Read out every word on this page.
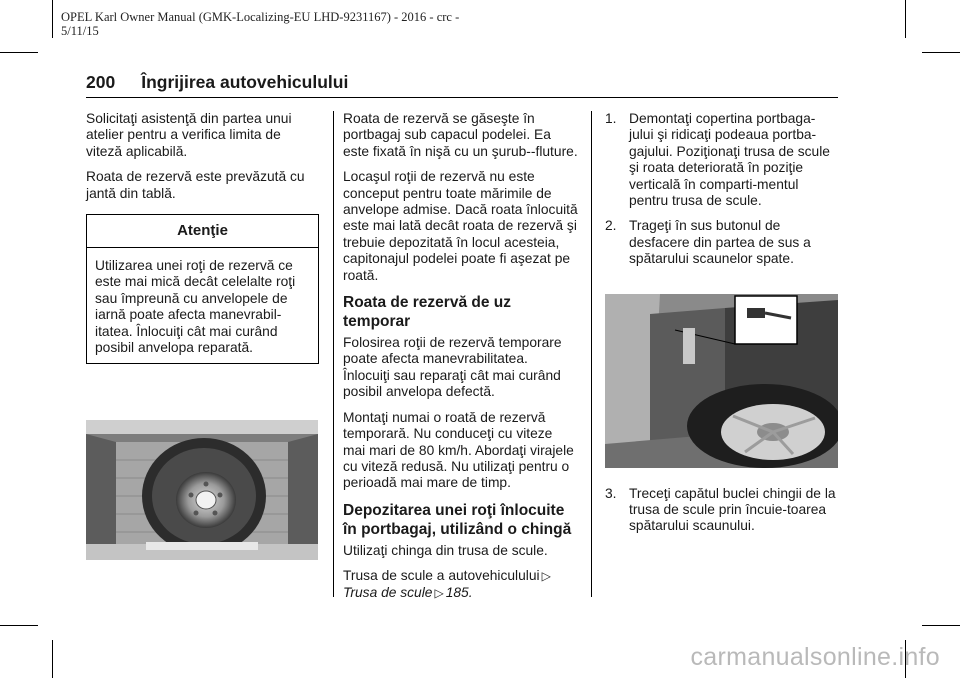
OPEL Karl Owner Manual (GMK-Localizing-EU LHD-9231167) - 2016 - crc -
5/11/15
200 Îngrijirea autovehiculului

Solicitaţi asistenţă din partea unui atelier pentru a verifica limita de viteză aplicabilă.

Roata de rezervă este prevăzută cu jantă din tablă.

Atenţie
Utilizarea unei roţi de rezervă ce este mai mică decât celelalte roţi sau împreună cu anvelopele de iarnă poate afecta manevrabil-itatea. Înlocuiţi cât mai curând posibil anvelopa reparată.

Roata de rezervă se găseşte în portbagaj sub capacul podelei. Ea este fixată în nişă cu un şurub--fluture.

Locaşul roţii de rezervă nu este conceput pentru toate mărimile de anvelope admise. Dacă roata înlocuită este mai lată decât roata de rezervă şi trebuie depozitată în locul acesteia, capitonajul podelei poate fi aşezat pe roată.

Roata de rezervă de uz temporar

Folosirea roţii de rezervă temporare poate afecta manevrabilitatea. Înlocuiţi sau reparaţi cât mai curând posibil anvelopa defectă.

Montaţi numai o roată de rezervă temporară. Nu conduceţi cu viteze mai mari de 80 km/h. Abordaţi virajele cu viteză redusă. Nu utilizaţi pentru o perioadă mai mare de timp.

Depozitarea unei roţi înlocuite în portbagaj, utilizând o chingă

Utilizaţi chinga din trusa de scule.

Trusa de scule a autovehiculului ▷ Trusa de scule ▷ 185.

1. Demontaţi copertina portbaga-jului şi ridicaţi podeaua portba-gajului. Poziţionaţi trusa de scule şi roata deteriorată în poziţie verticală în comparti-mentul pentru trusa de scule.
2. Trageţi în sus butonul de desfacere din partea de sus a spătarului scaunelor spate.
3. Treceţi capătul buclei chingii de la trusa de scule prin încuie-toarea spătarului scaunului.
carmanualsonline.info
